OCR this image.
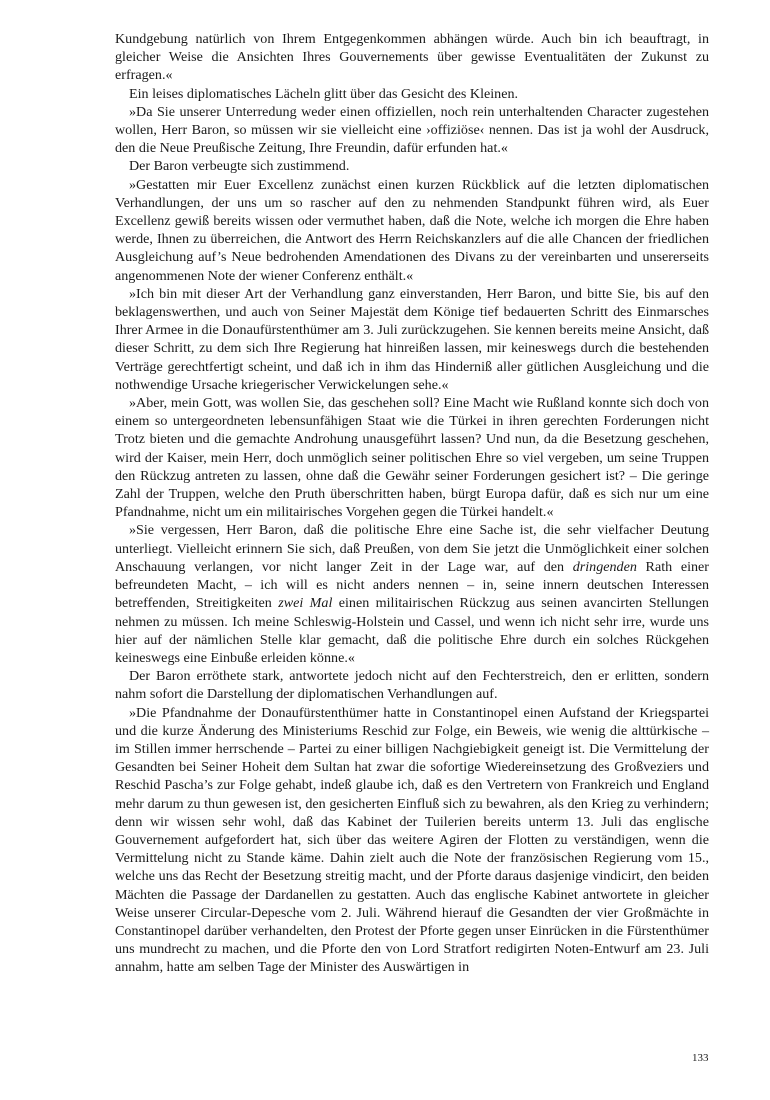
Kundgebung natürlich von Ihrem Entgegenkommen abhängen würde. Auch bin ich beauftragt, in gleicher Weise die Ansichten Ihres Gouvernements über gewisse Eventualitäten der Zukunst zu erfragen.«

Ein leises diplomatisches Lächeln glitt über das Gesicht des Kleinen.

»Da Sie unserer Unterredung weder einen offiziellen, noch rein unterhaltenden Character zugestehen wollen, Herr Baron, so müssen wir sie vielleicht eine ›offiziöse‹ nennen. Das ist ja wohl der Ausdruck, den die Neue Preußische Zeitung, Ihre Freundin, dafür erfunden hat.«

Der Baron verbeugte sich zustimmend.

»Gestatten mir Euer Excellenz zunächst einen kurzen Rückblick auf die letzten diplomatischen Verhandlungen, der uns um so rascher auf den zu nehmenden Standpunkt führen wird, als Euer Excellenz gewiß bereits wissen oder vermuthet haben, daß die Note, welche ich morgen die Ehre haben werde, Ihnen zu überreichen, die Antwort des Herrn Reichskanzlers auf die alle Chancen der friedlichen Ausgleichung auf’s Neue bedrohenden Amendationen des Divans zu der vereinbarten und unsererseits angenommenen Note der wiener Conferenz enthält.«

»Ich bin mit dieser Art der Verhandlung ganz einverstanden, Herr Baron, und bitte Sie, bis auf den beklagenswerthen, und auch von Seiner Majestät dem Könige tief bedauerten Schritt des Einmarsches Ihrer Armee in die Donaufürstenthümer am 3. Juli zurückzugehen. Sie kennen bereits meine Ansicht, daß dieser Schritt, zu dem sich Ihre Regierung hat hinreißen lassen, mir keineswegs durch die bestehenden Verträge gerechtfertigt scheint, und daß ich in ihm das Hinderniß aller gütlichen Ausgleichung und die nothwendige Ursache kriegerischer Verwickelungen sehe.«

»Aber, mein Gott, was wollen Sie, das geschehen soll? Eine Macht wie Rußland konnte sich doch von einem so untergeordneten lebensunfähigen Staat wie die Türkei in ihren gerechten Forderungen nicht Trotz bieten und die gemachte Androhung unausgeführt lassen? Und nun, da die Besetzung geschehen, wird der Kaiser, mein Herr, doch unmöglich seiner politischen Ehre so viel vergeben, um seine Truppen den Rückzug antreten zu lassen, ohne daß die Gewähr seiner Forderungen gesichert ist? – Die geringe Zahl der Truppen, welche den Pruth überschritten haben, bürgt Europa dafür, daß es sich nur um eine Pfandnahme, nicht um ein militairisches Vorgehen gegen die Türkei handelt.«

»Sie vergessen, Herr Baron, daß die politische Ehre eine Sache ist, die sehr vielfacher Deutung unterliegt. Vielleicht erinnern Sie sich, daß Preußen, von dem Sie jetzt die Unmöglichkeit einer solchen Anschauung verlangen, vor nicht langer Zeit in der Lage war, auf den dringenden Rath einer befreundeten Macht, – ich will es nicht anders nennen – in, seine innern deutschen Interessen betreffenden, Streitigkeiten zwei Mal einen militairischen Rückzug aus seinen avancirten Stellungen nehmen zu müssen. Ich meine Schleswig-Holstein und Cassel, und wenn ich nicht sehr irre, wurde uns hier auf der nämlichen Stelle klar gemacht, daß die politische Ehre durch ein solches Rückgehen keineswegs eine Einbuße erleiden könne.«

Der Baron erröthete stark, antwortete jedoch nicht auf den Fechterstreich, den er erlitten, sondern nahm sofort die Darstellung der diplomatischen Verhandlungen auf.

»Die Pfandnahme der Donaufürstenthümer hatte in Constantinopel einen Aufstand der Kriegspartei und die kurze Änderung des Ministeriums Reschid zur Folge, ein Beweis, wie wenig die alttürkische – im Stillen immer herrschende – Partei zu einer billigen Nachgiebigkeit geneigt ist. Die Vermittelung der Gesandten bei Seiner Hoheit dem Sultan hat zwar die sofortige Wiedereinsetzung des Großveziers und Reschid Pascha’s zur Folge gehabt, indeß glaube ich, daß es den Vertretern von Frankreich und England mehr darum zu thun gewesen ist, den gesicherten Einfluß sich zu bewahren, als den Krieg zu verhindern; denn wir wissen sehr wohl, daß das Kabinet der Tuilerien bereits unterm 13. Juli das englische Gouvernement aufgefordert hat, sich über das weitere Agiren der Flotten zu verständigen, wenn die Vermittelung nicht zu Stande käme. Dahin zielt auch die Note der französischen Regierung vom 15., welche uns das Recht der Besetzung streitig macht, und der Pforte daraus dasjenige vindicirt, den beiden Mächten die Passage der Dardanellen zu gestatten. Auch das englische Kabinet antwortete in gleicher Weise unserer Circular-Depesche vom 2. Juli. Während hierauf die Gesandten der vier Großmächte in Constantinopel darüber verhandelten, den Protest der Pforte gegen unser Einrücken in die Fürstenthümer uns mundrecht zu machen, und die Pforte den von Lord Stratfort redigirten Noten-Entwurf am 23. Juli annahm, hatte am selben Tage der Minister des Auswärtigen in

133
